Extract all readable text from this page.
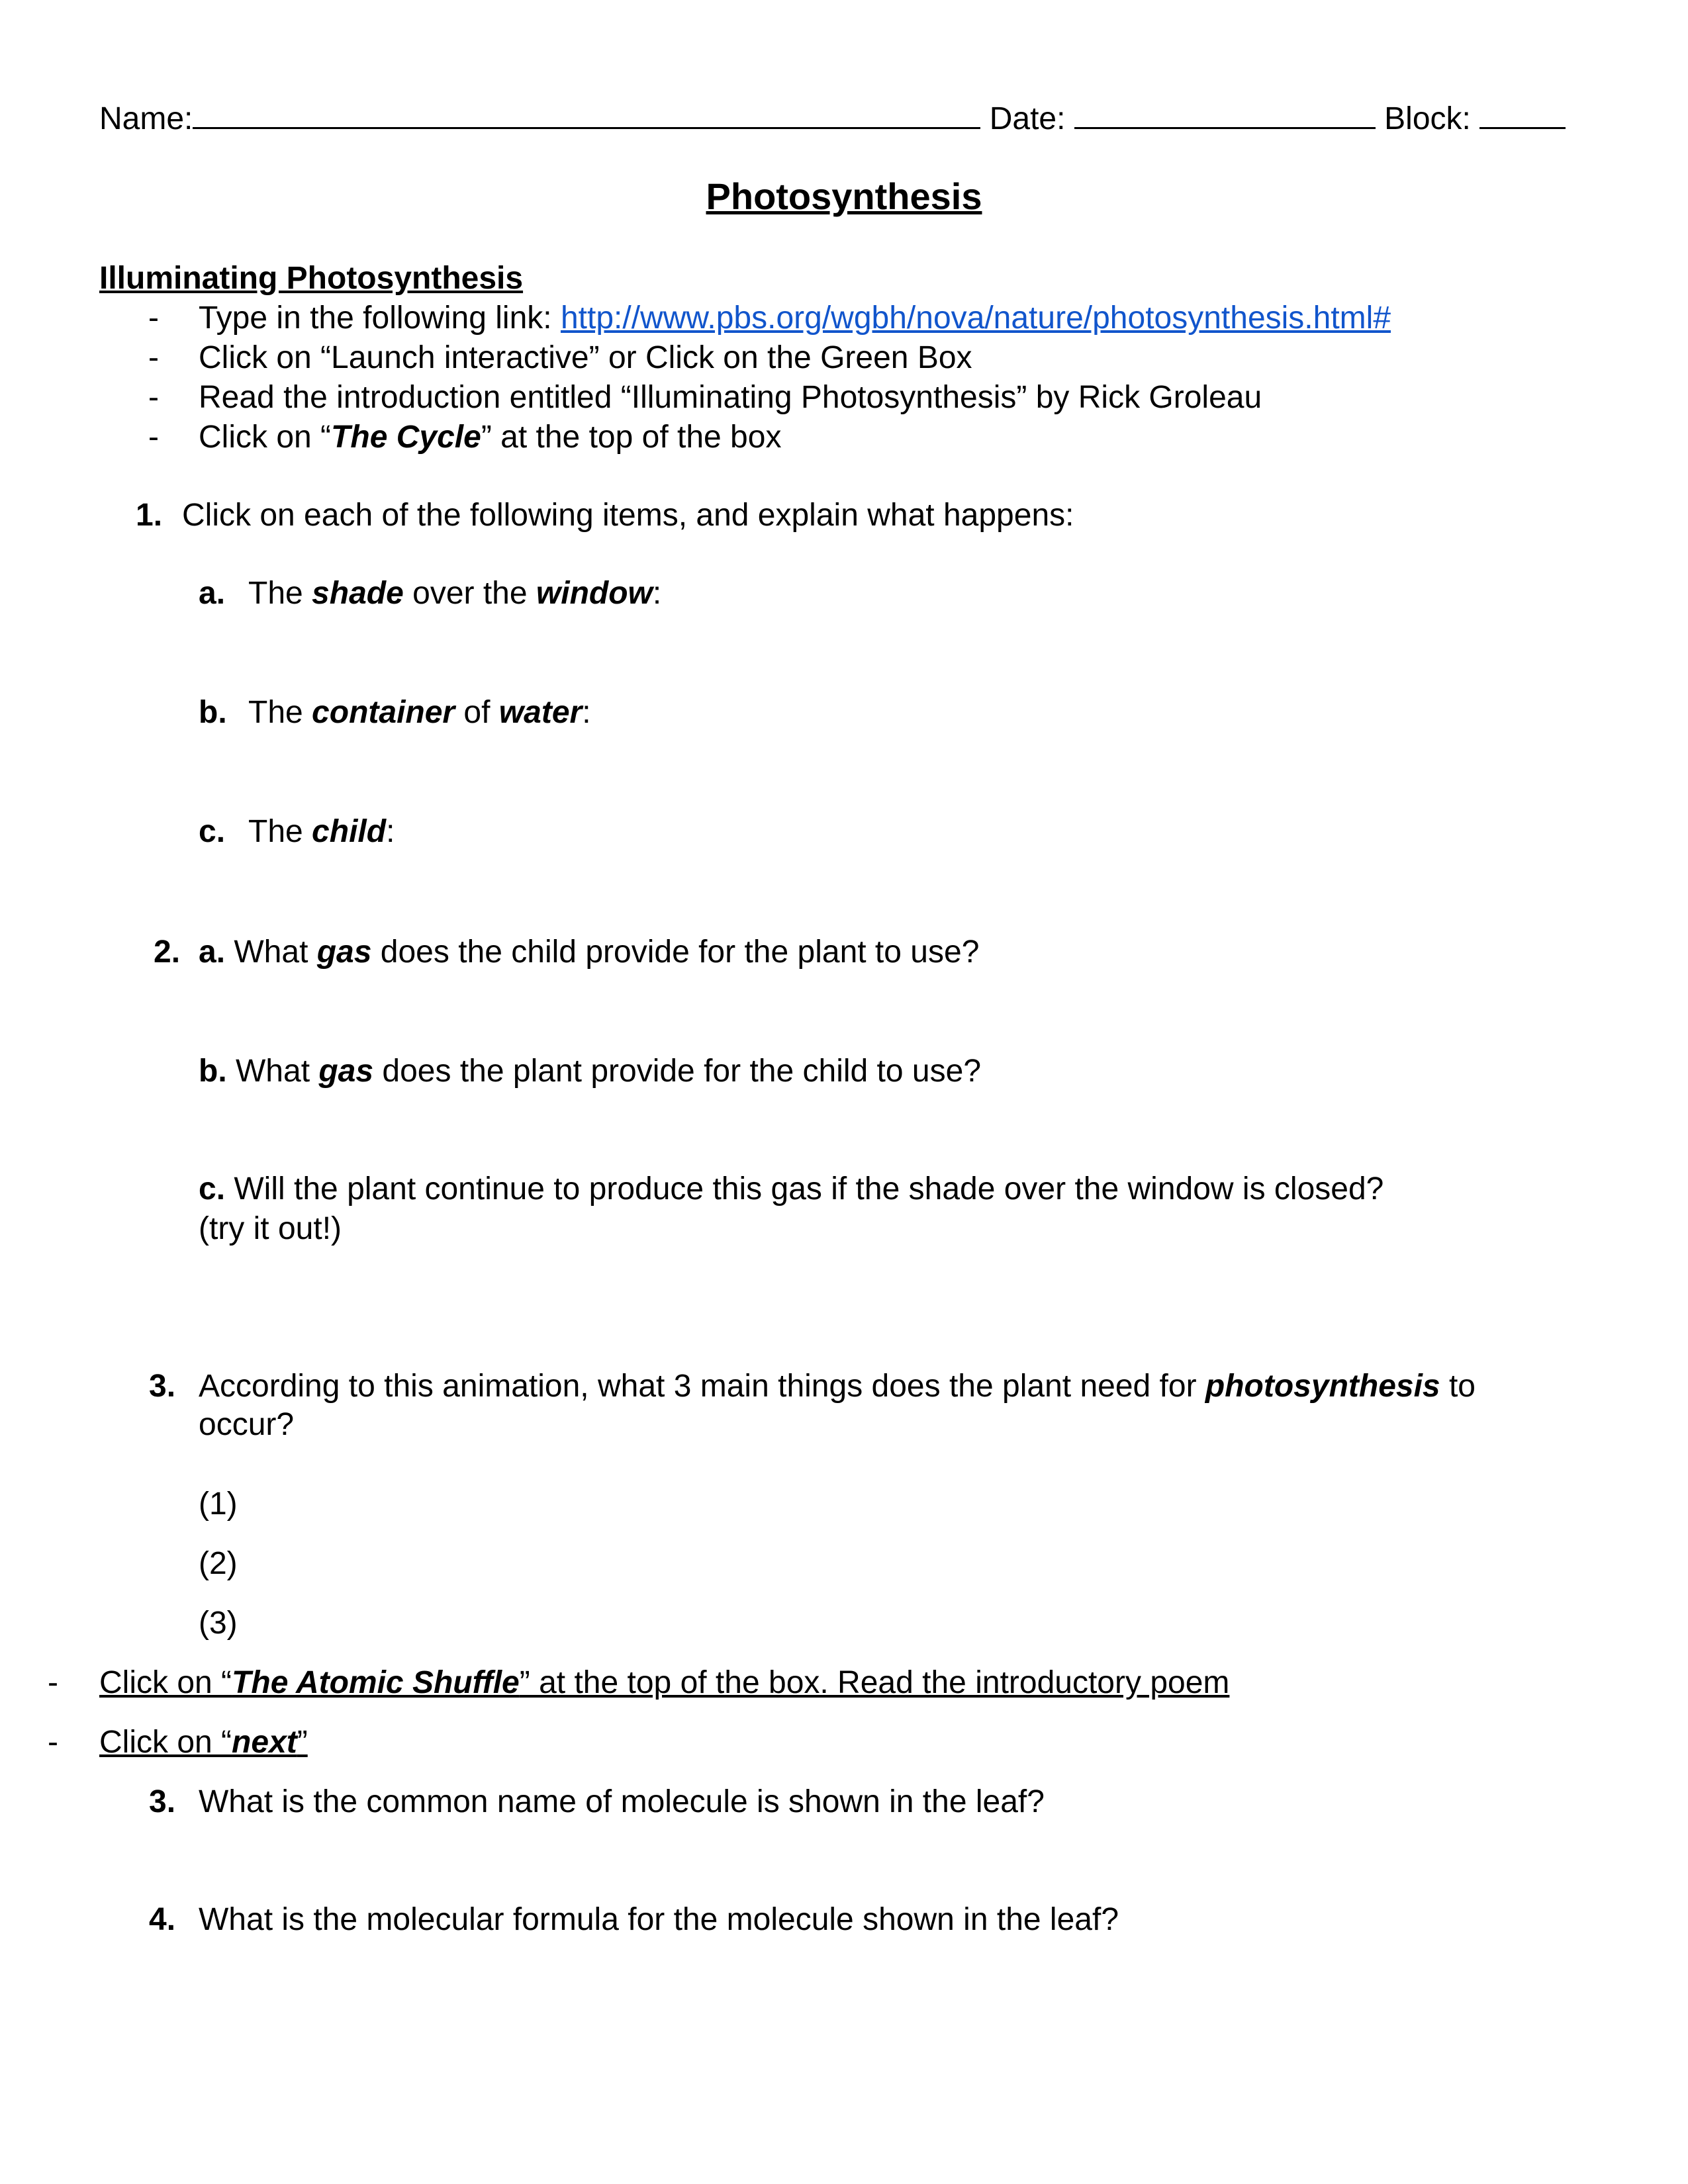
Name:	Date:	Block:
Photosynthesis
Illuminating Photosynthesis
-	Type in the following link: http://www.pbs.org/wgbh/nova/nature/photosynthesis.html#
-	Click on “Launch interactive” or Click on the Green Box
-	Read the introduction entitled “Illuminating Photosynthesis” by Rick Groleau
-	Click on “The Cycle” at the top of the box
1. Click on each of the following items, and explain what happens:
a. The shade over the window:
b. The container of water:
c. The child:
2. a. What gas does the child provide for the plant to use?
b. What gas does the plant provide for the child to use?
c. Will the plant continue to produce this gas if the shade over the window is closed?
(try it out!)
3. According to this animation, what 3 main things does the plant need for photosynthesis to
occur?
(1)
(2)
(3)
-	Click on “The Atomic Shuffle” at the top of the box. Read the introductory poem
-	Click on “next”
3. What is the common name of molecule is shown in the leaf?
4. What is the molecular formula for the molecule shown in the leaf?
